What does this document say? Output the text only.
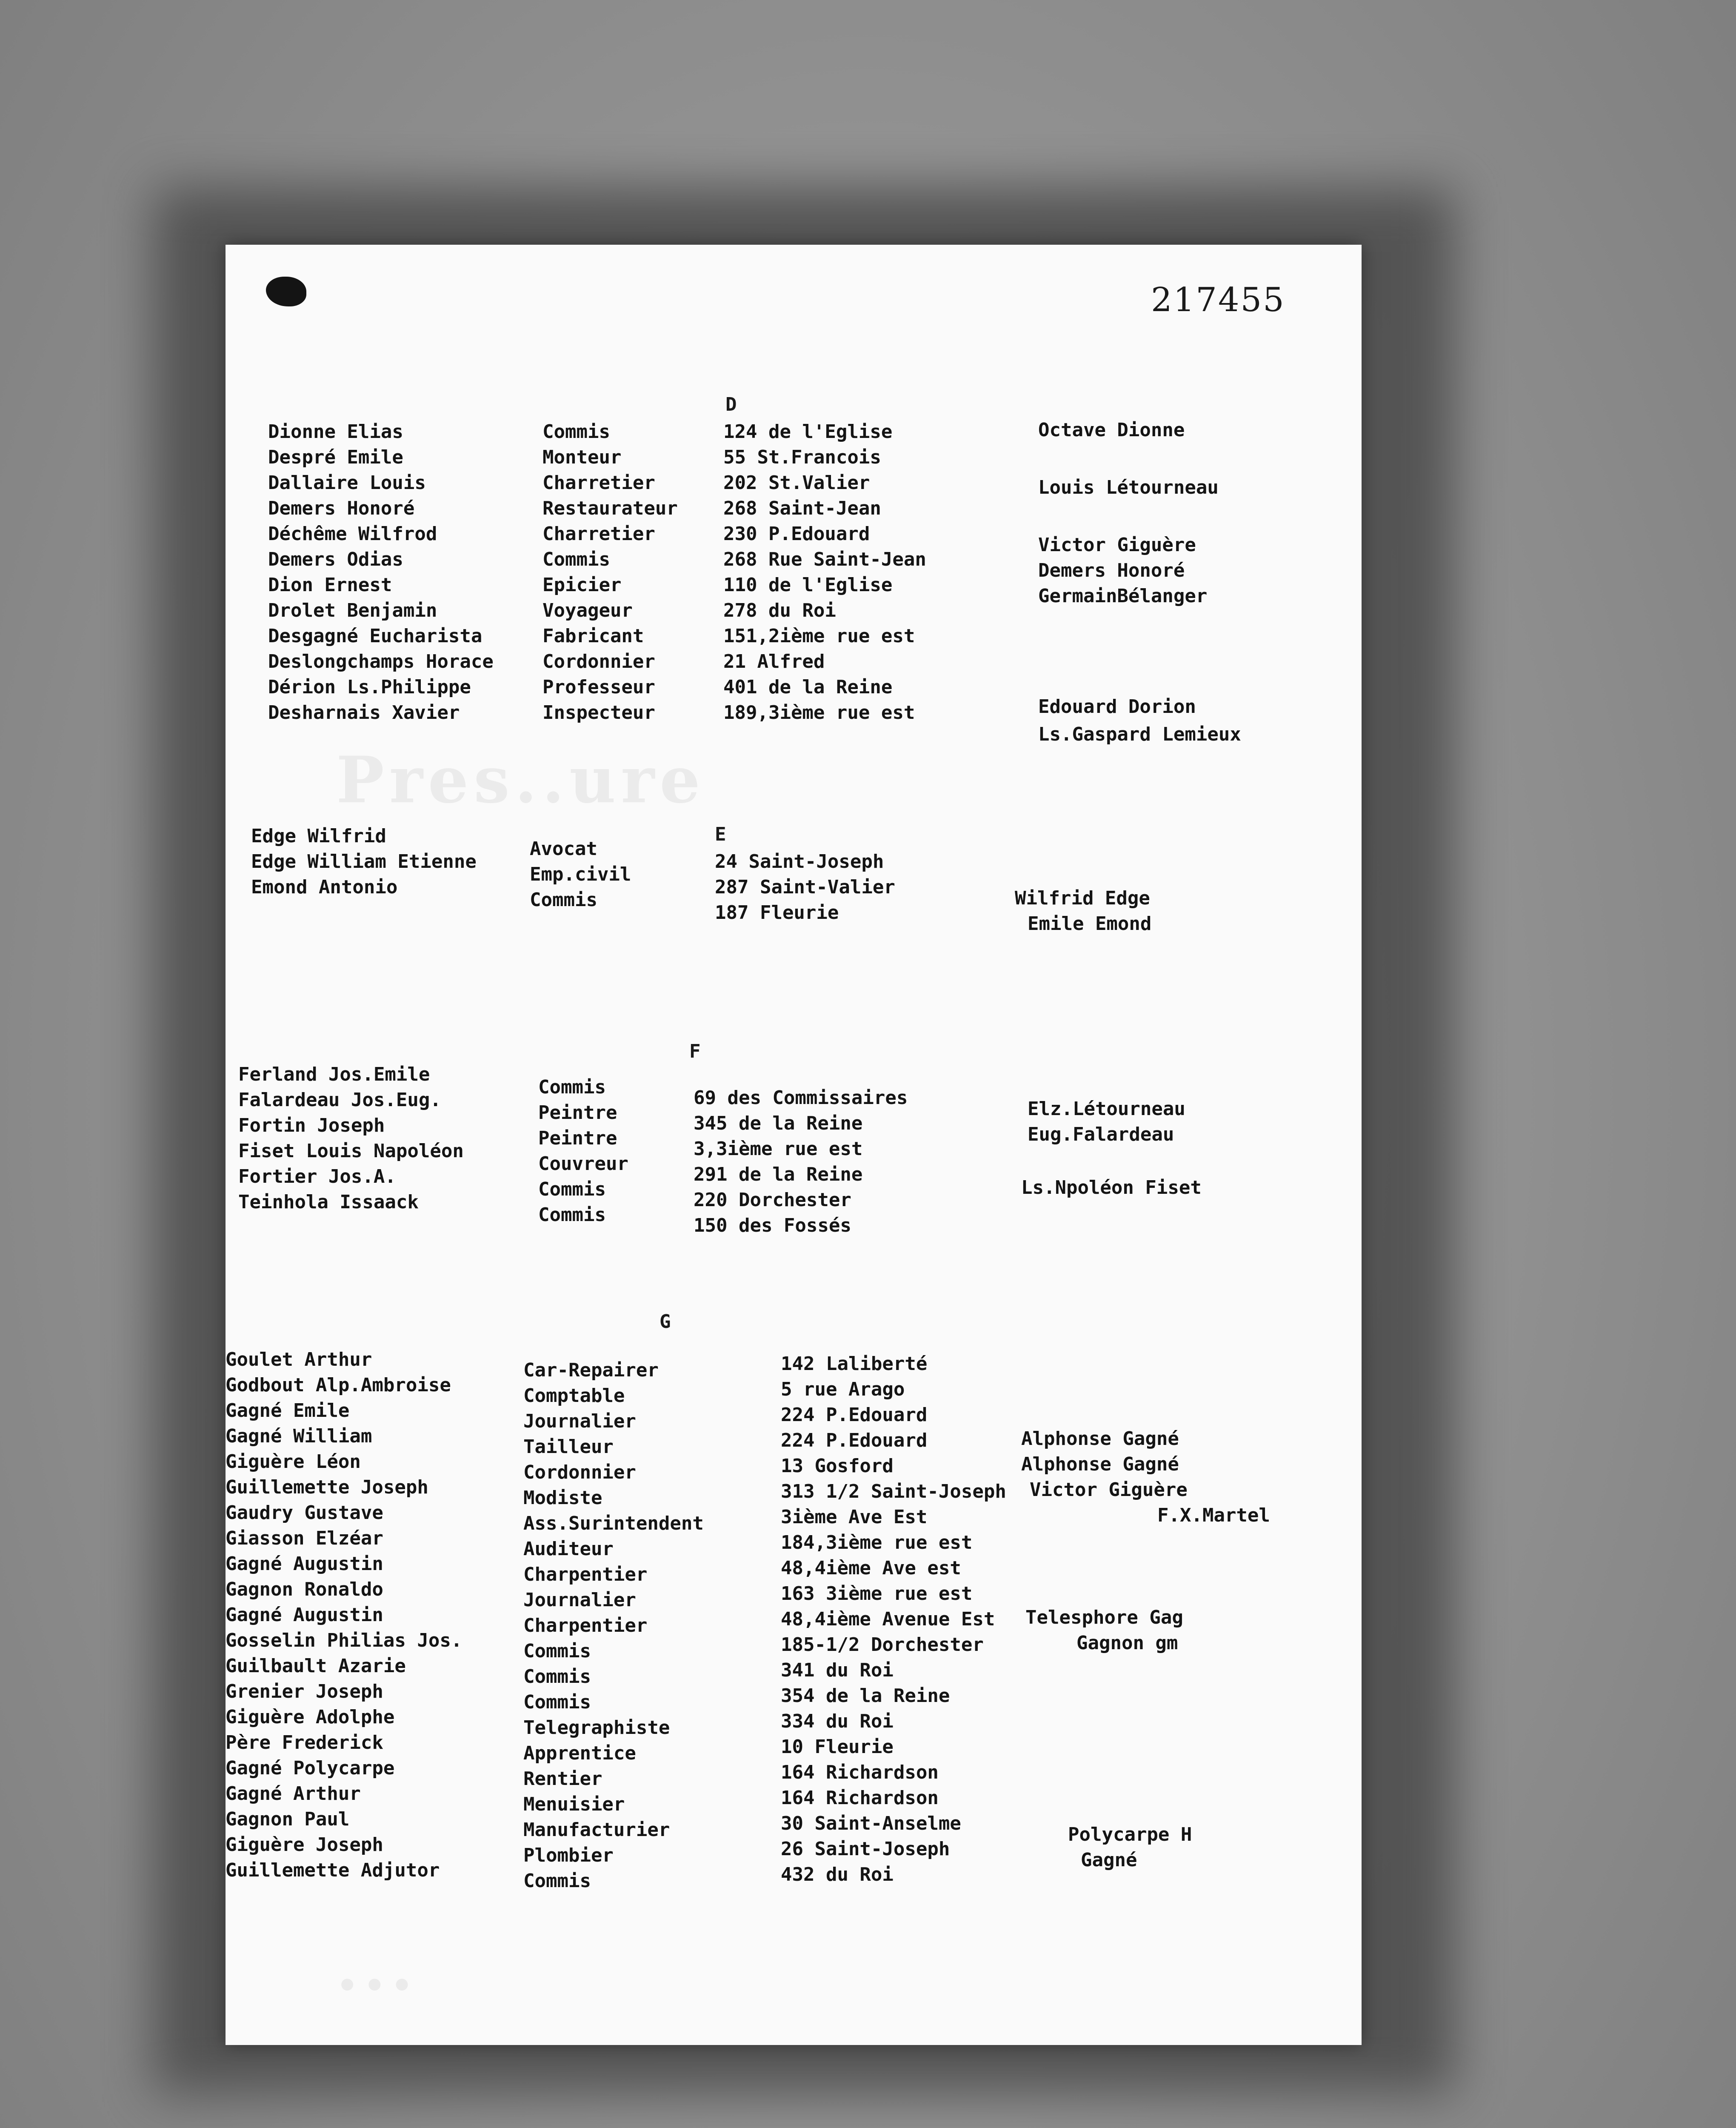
217455
Pres..ure
...
D
Dionne Elias
Despré Emile
Dallaire Louis
Demers Honoré
Déchême Wilfrod
Demers Odias
Dion Ernest
Drolet Benjamin
Desgagné Eucharista
Deslongchamps Horace
Dérion Ls.Philippe
Desharnais Xavier
Commis
Monteur
Charretier
Restaurateur
Charretier
Commis
Epicier
Voyageur
Fabricant
Cordonnier
Professeur
Inspecteur
124 de l'Eglise
55 St.Francois
202 St.Valier
268 Saint-Jean
230 P.Edouard
268 Rue Saint-Jean
110 de l'Eglise
278 du Roi
151,2ième rue est
21 Alfred
401 de la Reine
189,3ième rue est
Octave Dionne
Louis Létourneau
Victor Giguère
Demers Honoré
GermainBélanger
Edouard Dorion
Ls.Gaspard Lemieux
E
Edge Wilfrid
Edge William Etienne
Emond Antonio
Avocat
Emp.civil
Commis
24 Saint-Joseph
287 Saint-Valier
187 Fleurie
Wilfrid Edge
Emile Emond
F
Ferland Jos.Emile
Falardeau Jos.Eug.
Fortin Joseph
Fiset Louis Napoléon
Fortier Jos.A.
Teinhola Issaack
Commis
Peintre
Peintre
Couvreur
Commis
Commis
69 des Commissaires
345 de la Reine
3,3ième rue est
291 de la Reine
220 Dorchester
150 des Fossés
Elz.Létourneau
Eug.Falardeau
Ls.Npoléon Fiset
G
Goulet Arthur
Godbout Alp.Ambroise
Gagné Emile
Gagné William
Giguère Léon
Guillemette Joseph
Gaudry Gustave
Giasson Elzéar
Gagné Augustin
Gagnon Ronaldo
Gagné Augustin
Gosselin Philias Jos.
Guilbault Azarie
Grenier Joseph
Giguère Adolphe
Père Frederick
Gagné Polycarpe
Gagné Arthur
Gagnon Paul
Giguère Joseph
Guillemette Adjutor
Car-Repairer
Comptable
Journalier
Tailleur
Cordonnier
Modiste
Ass.Surintendent
Auditeur
Charpentier
Journalier
Charpentier
Commis
Commis
Commis
Telegraphiste
Apprentice
Rentier
Menuisier
Manufacturier
Plombier
Commis
142 Laliberté
5 rue Arago
224 P.Edouard
224 P.Edouard
13 Gosford
313 1/2 Saint-Joseph
3ième Ave Est
184,3ième rue est
48,4ième Ave est
163 3ième rue est
48,4ième Avenue Est
185-1/2 Dorchester
341 du Roi
354 de la Reine
334 du Roi
10 Fleurie
164 Richardson
164 Richardson
30 Saint-Anselme
26 Saint-Joseph
432 du Roi
Alphonse Gagné
Alphonse Gagné
Victor Giguère
F.X.Martel
Telesphore Gag
Gagnon gm
Polycarpe H
Gagné
